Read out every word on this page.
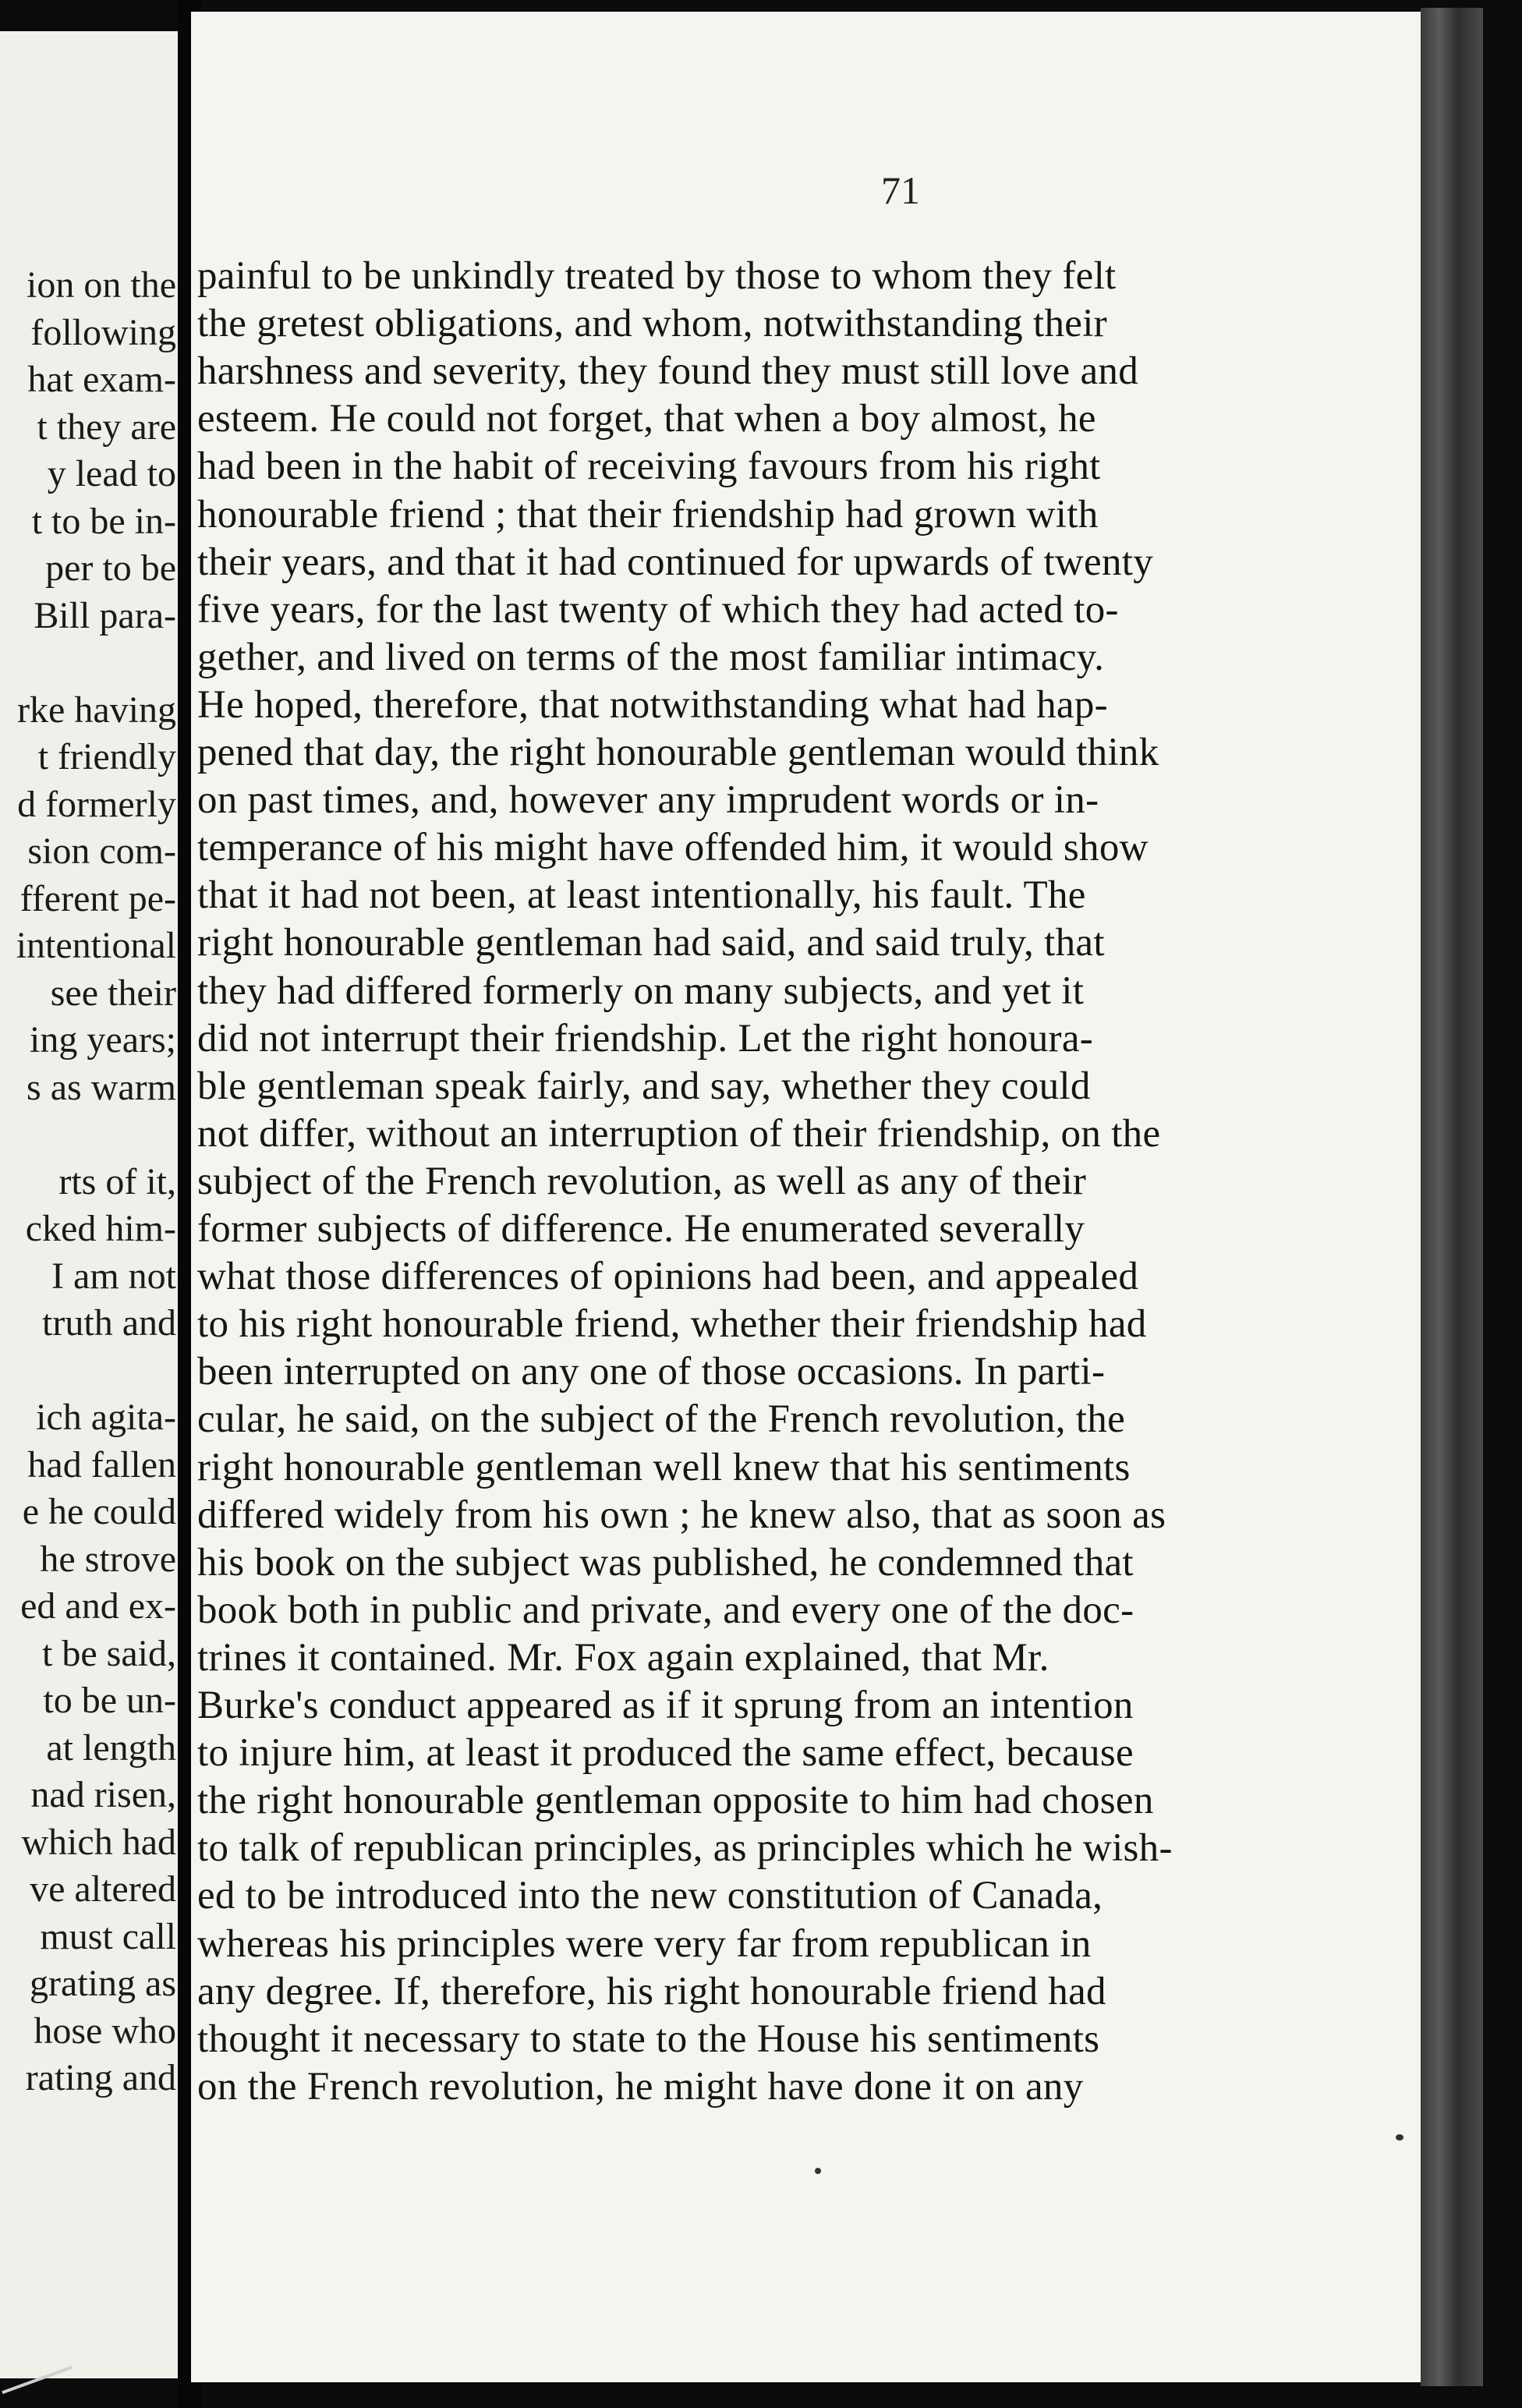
ion on the
following
hat exam-
t they are
y lead to
t to be in-
per to be
Bill para-
rke having
t friendly
d formerly
sion com-
fferent pe-
intentional
see their
ing years;
s as warm
rts of it,
cked him-
I am not
truth and
ich agita-
had fallen
e he could
he strove
ed and ex-
t be said,
to be un-
at length
nad risen,
which had
ve altered
must call
grating as
hose who
rating and
71
painful to be unkindly treated by those to whom they felt
the gretest obligations, and whom, notwithstanding their
harshness and severity, they found they must still love and
esteem. He could not forget, that when a boy almost, he
had been in the habit of receiving favours from his right
honourable friend ; that their friendship had grown with
their years, and that it had continued for upwards of twenty
five years, for the last twenty of which they had acted to-
gether, and lived on terms of the most familiar intimacy.
He hoped, therefore, that notwithstanding what had hap-
pened that day, the right honourable gentleman would think
on past times, and, however any imprudent words or in-
temperance of his might have offended him, it would show
that it had not been, at least intentionally, his fault. The
right honourable gentleman had said, and said truly, that
they had differed formerly on many subjects, and yet it
did not interrupt their friendship. Let the right honoura-
ble gentleman speak fairly, and say, whether they could
not differ, without an interruption of their friendship, on the
subject of the French revolution, as well as any of their
former subjects of difference. He enumerated severally
what those differences of opinions had been, and appealed
to his right honourable friend, whether their friendship had
been interrupted on any one of those occasions. In parti-
cular, he said, on the subject of the French revolution, the
right honourable gentleman well knew that his sentiments
differed widely from his own ; he knew also, that as soon as
his book on the subject was published, he condemned that
book both in public and private, and every one of the doc-
trines it contained. Mr. Fox again explained, that Mr.
Burke's conduct appeared as if it sprung from an intention
to injure him, at least it produced the same effect, because
the right honourable gentleman opposite to him had chosen
to talk of republican principles, as principles which he wish-
ed to be introduced into the new constitution of Canada,
whereas his principles were very far from republican in
any degree. If, therefore, his right honourable friend had
thought it necessary to state to the House his sentiments
on the French revolution, he might have done it on any
